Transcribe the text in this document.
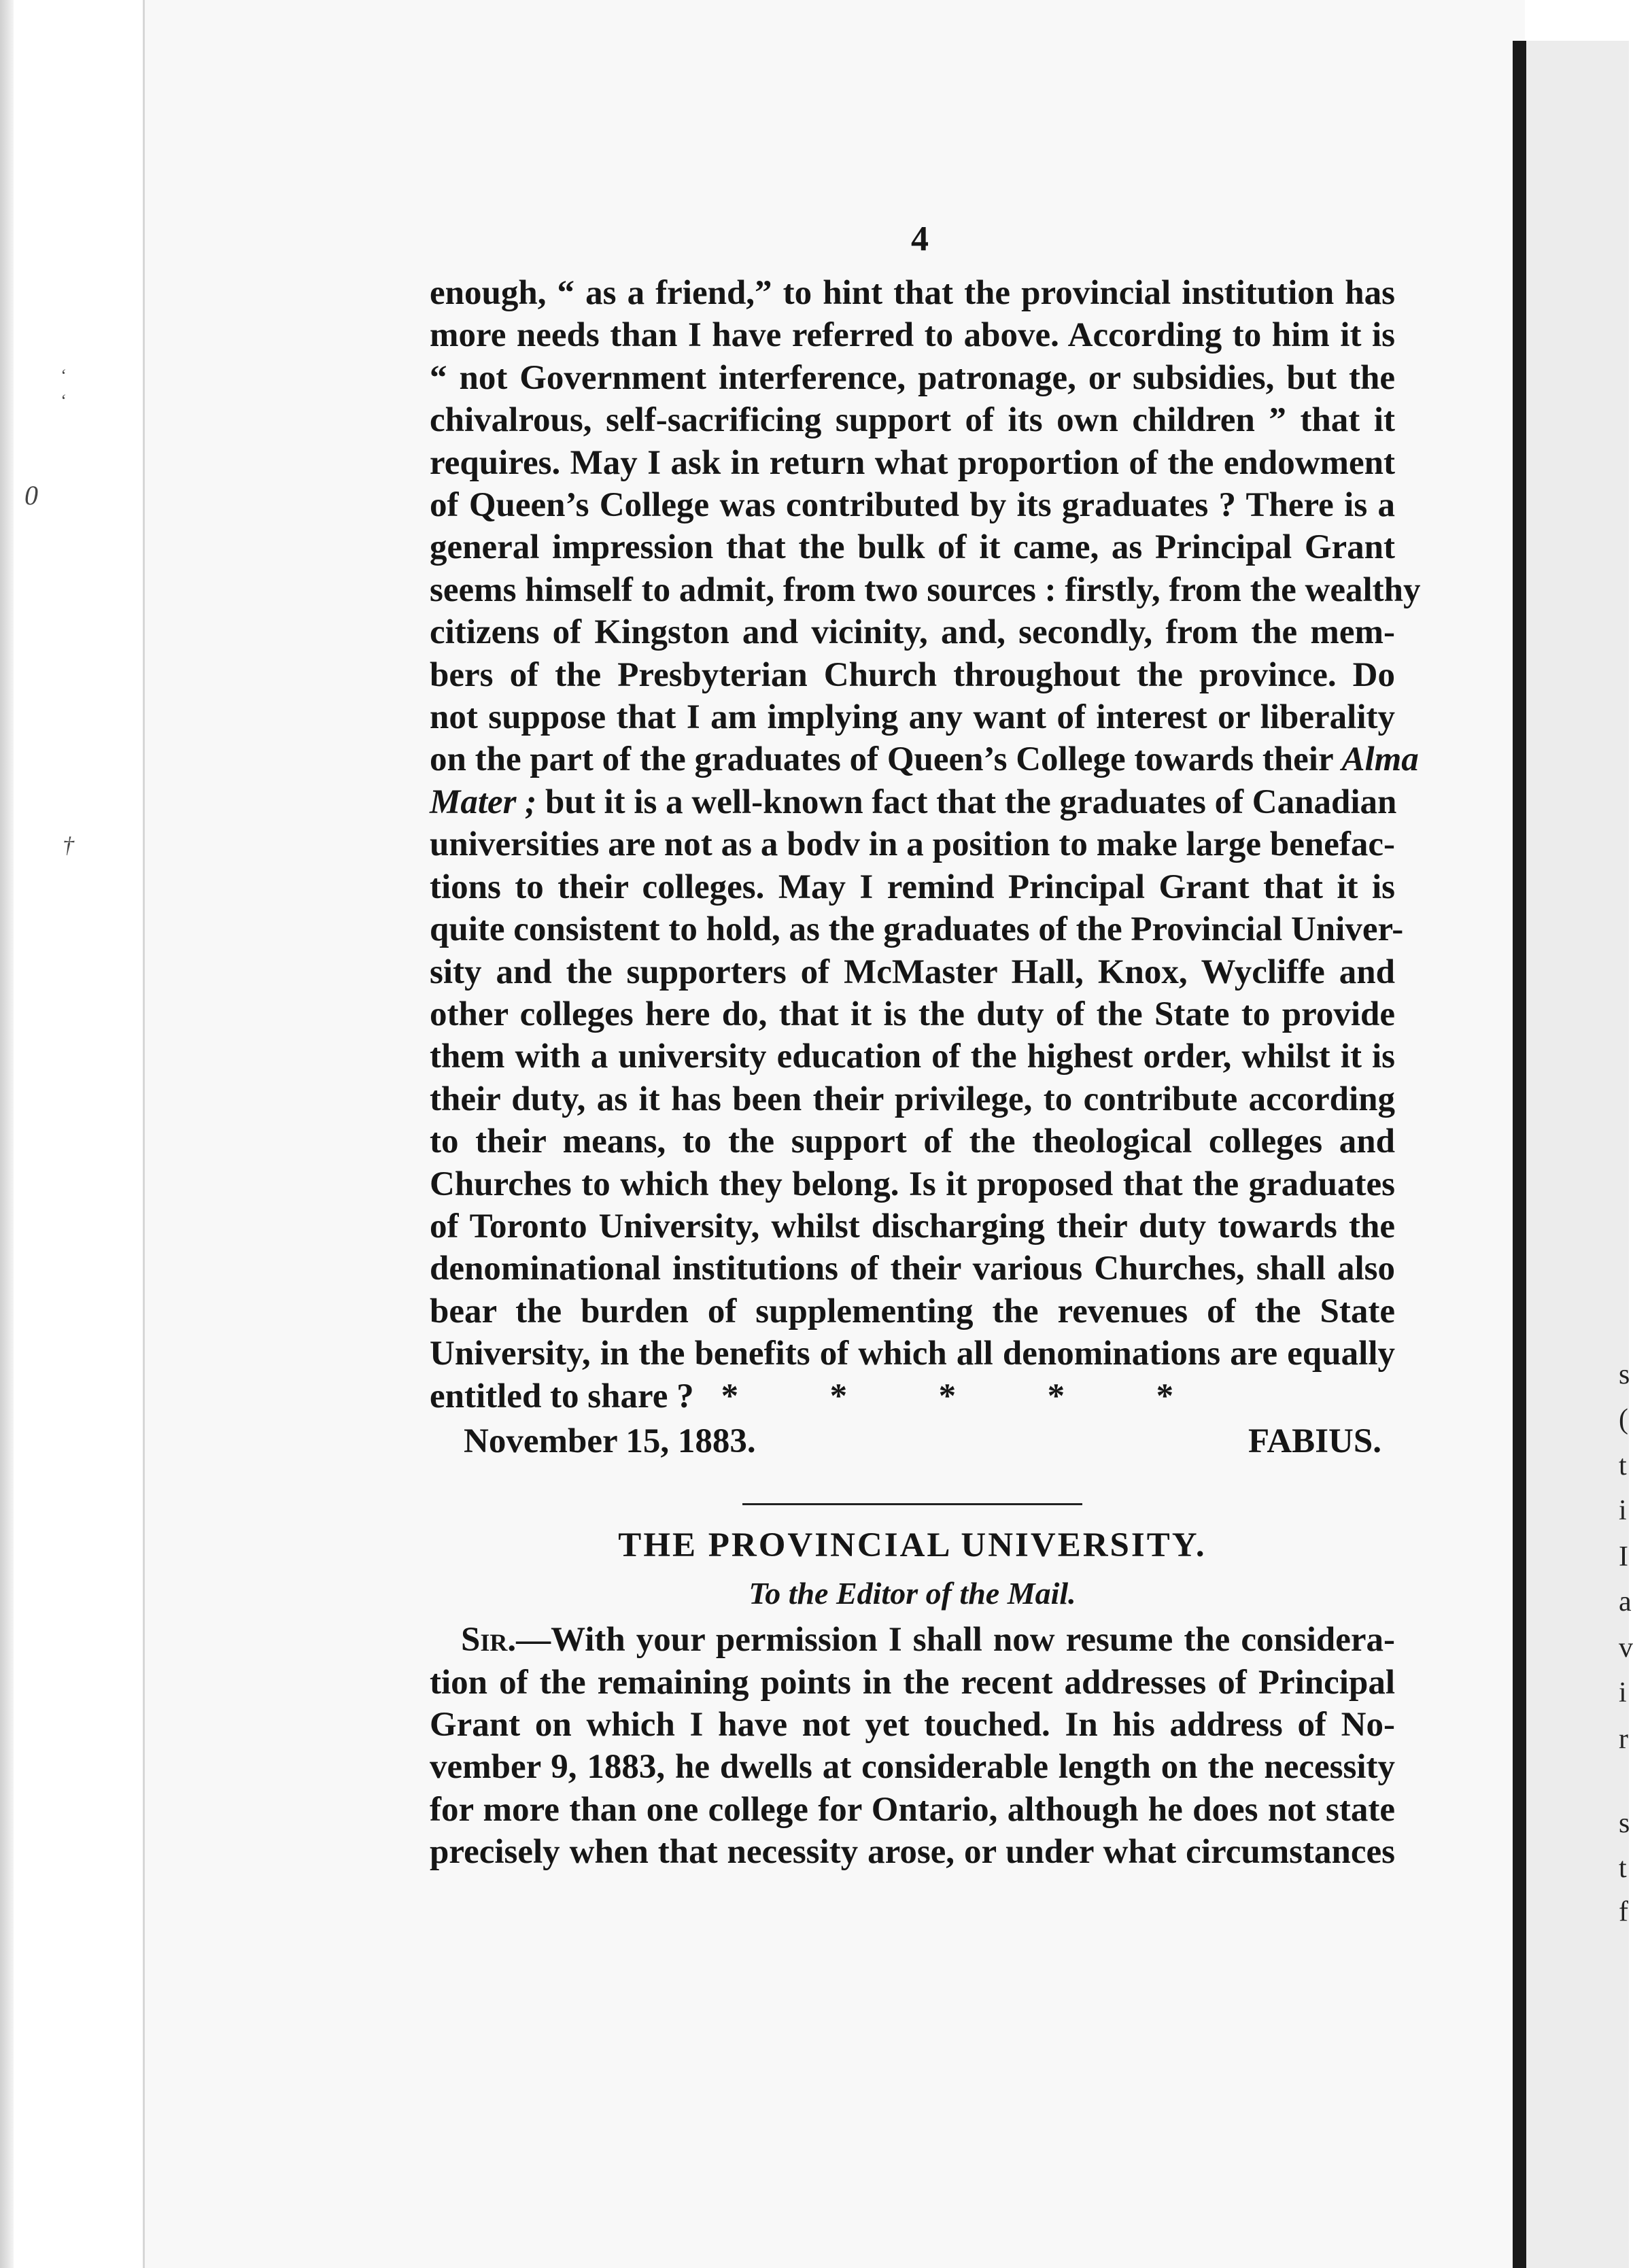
s
(
t
i
I
a
v
i
r
s
t
f
‘
‘
0
†
4
enough, “ as a friend,” to hint that the provincial institution has
more needs than I have referred to above. According to him it is
“ not Government interference, patronage, or subsidies, but the
chivalrous, self-sacrificing support of its own children ” that it
requires. May I ask in return what proportion of the endowment
of Queen’s College was contributed by its graduates ? There is a
general impression that the bulk of it came, as Principal Grant
seems himself to admit, from two sources : firstly, from the wealthy
citizens of Kingston and vicinity, and, secondly, from the mem-
bers of the Presbyterian Church throughout the province. Do
not suppose that I am implying any want of interest or liberality
on the part of the graduates of Queen’s College towards their Alma
Mater ; but it is a well-known fact that the graduates of Canadian
universities are not as a bodv in a position to make large benefac-
tions to their colleges. May I remind Principal Grant that it is
quite consistent to hold, as the graduates of the Provincial Univer-
sity and the supporters of McMaster Hall, Knox, Wycliffe and
other colleges here do, that it is the duty of the State to provide
them with a university education of the highest order, whilst it is
their duty, as it has been their privilege, to contribute according
to their means, to the support of the theological colleges and
Churches to which they belong. Is it proposed that the graduates
of Toronto University, whilst discharging their duty towards the
denominational institutions of their various Churches, shall also
bear the burden of supplementing the revenues of the State
University, in the benefits of which all denominations are equally
entitled to share ? *	*	*	*	*
November 15, 1883.	FABIUS.

THE PROVINCIAL UNIVERSITY.

To the Editor of the Mail.

Sir.—With your permission I shall now resume the considera-
tion of the remaining points in the recent addresses of Principal
Grant on which I have not yet touched. In his address of No-
vember 9, 1883, he dwells at considerable length on the necessity
for more than one college for Ontario, although he does not state
precisely when that necessity arose, or under what circumstances
